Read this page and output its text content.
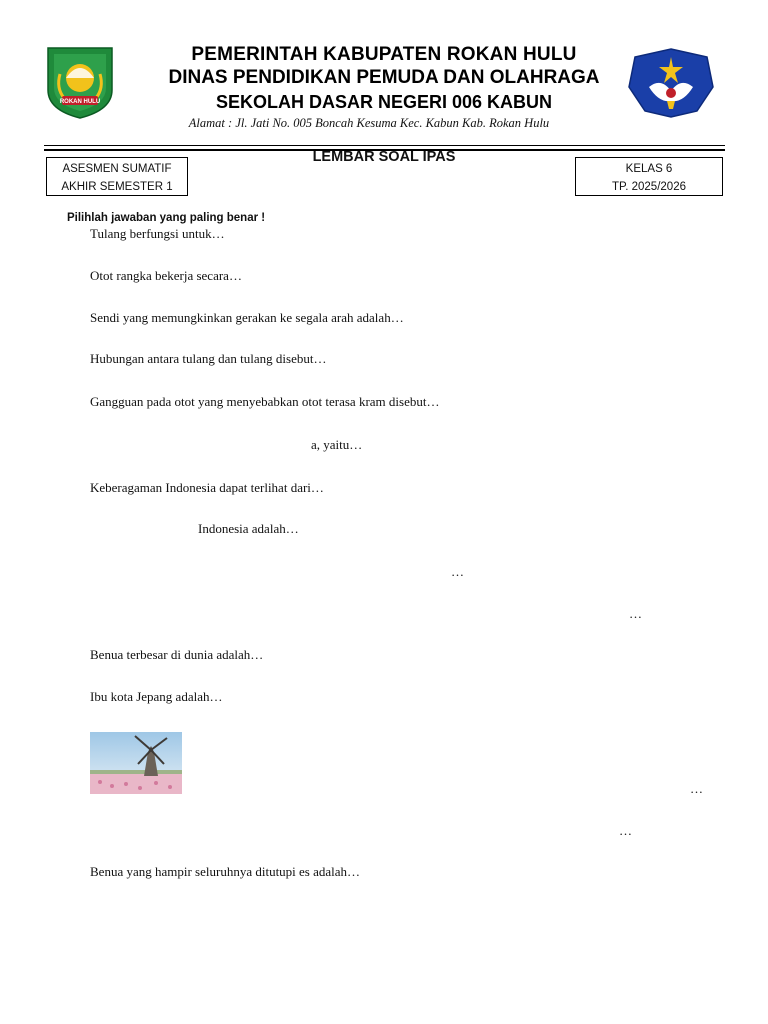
ROKAN HULU
PEMERINTAH KABUPATEN ROKAN HULU
DINAS PENDIDIKAN PEMUDA DAN OLAHRAGA
SEKOLAH DASAR NEGERI 006 KABUN
Alamat : Jl. Jati No. 005 Boncah Kesuma Kec. Kabun Kab. Rokan Hulu
LEMBAR SOAL IPAS
ASESMEN SUMATIF
AKHIR SEMESTER 1
KELAS 6
TP. 2025/2026
Pilihlah jawaban yang paling benar !
Tulang berfungsi untuk…
Otot rangka bekerja secara…
Sendi yang memungkinkan gerakan ke segala arah adalah…
Hubungan antara tulang dan tulang disebut…
Gangguan pada otot yang menyebabkan otot terasa kram disebut…
a, yaitu…
Keberagaman Indonesia dapat terlihat dari…
Indonesia adalah…
…
…
Benua terbesar di dunia adalah…
Ibu kota Jepang adalah…
…
…
Benua yang hampir seluruhnya ditutupi es adalah…
